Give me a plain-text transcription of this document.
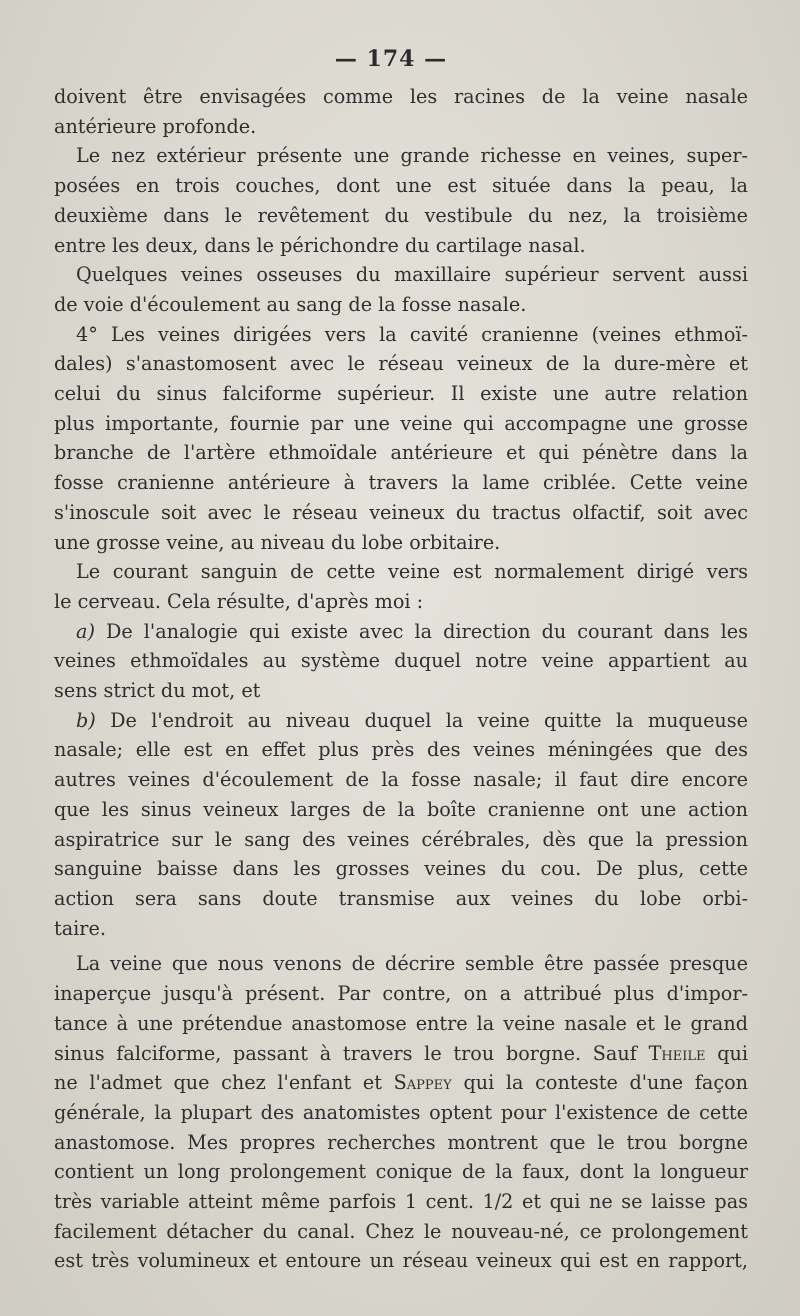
— 174 —
doivent être envisagées comme les racines de la veine nasale
antérieure profonde.
Le nez extérieur présente une grande richesse en veines, super-
posées en trois couches, dont une est située dans la peau, la
deuxième dans le revêtement du vestibule du nez, la troisième
entre les deux, dans le périchondre du cartilage nasal.
Quelques veines osseuses du maxillaire supérieur servent aussi
de voie d'écoulement au sang de la fosse nasale.
4° Les veines dirigées vers la cavité cranienne (veines ethmoï-
dales) s'anastomosent avec le réseau veineux de la dure-mère et
celui du sinus falciforme supérieur. Il existe une autre relation
plus importante, fournie par une veine qui accompagne une grosse
branche de l'artère ethmoïdale antérieure et qui pénètre dans la
fosse cranienne antérieure à travers la lame criblée. Cette veine
s'inoscule soit avec le réseau veineux du tractus olfactif, soit avec
une grosse veine, au niveau du lobe orbitaire.
Le courant sanguin de cette veine est normalement dirigé vers
le cerveau. Cela résulte, d'après moi :
a) De l'analogie qui existe avec la direction du courant dans les
veines ethmoïdales au système duquel notre veine appartient au
sens strict du mot, et
b) De l'endroit au niveau duquel la veine quitte la muqueuse
nasale; elle est en effet plus près des veines méningées que des
autres veines d'écoulement de la fosse nasale; il faut dire encore
que les sinus veineux larges de la boîte cranienne ont une action
aspiratrice sur le sang des veines cérébrales, dès que la pression
sanguine baisse dans les grosses veines du cou. De plus, cette
action sera sans doute transmise aux veines du lobe orbi-
taire.
La veine que nous venons de décrire semble être passée presque
inaperçue jusqu'à présent. Par contre, on a attribué plus d'impor-
tance à une prétendue anastomose entre la veine nasale et le grand
sinus falciforme, passant à travers le trou borgne. Sauf Theile qui
ne l'admet que chez l'enfant et Sappey qui la conteste d'une façon
générale, la plupart des anatomistes optent pour l'existence de cette
anastomose. Mes propres recherches montrent que le trou borgne
contient un long prolongement conique de la faux, dont la longueur
très variable atteint même parfois 1 cent. 1/2 et qui ne se laisse pas
facilement détacher du canal. Chez le nouveau-né, ce prolongement
est très volumineux et entoure un réseau veineux qui est en rapport,
